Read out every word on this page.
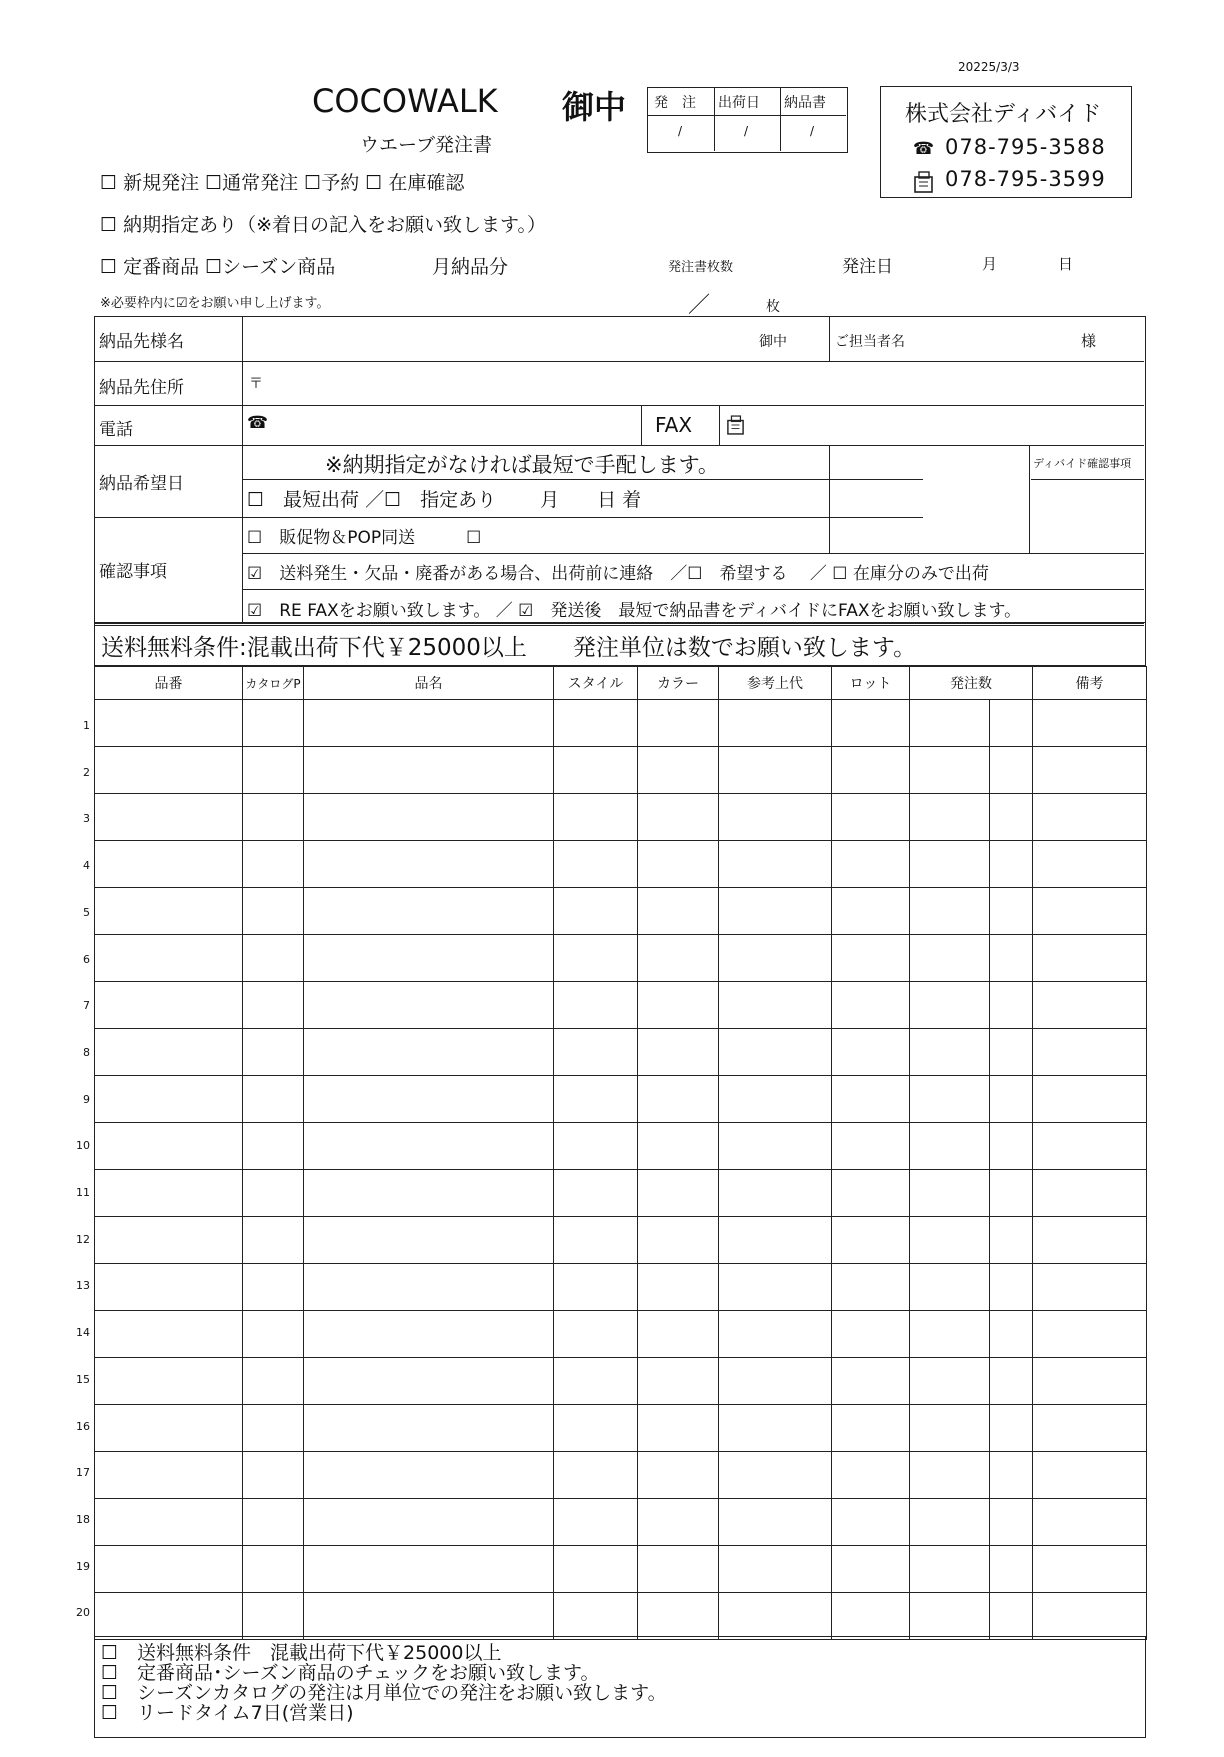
20225/3/3
COCOWALK 御中
ウエーブ発注書
発　注 出荷日 納品書
/	/	/
株式会社ディバイド
☎ 078-795-3588
078-795-3599
☐ 新規発注 ☐通常発注 ☐予約 ☐ 在庫確認
☐ 納期指定あり（※着日の記入をお願い致します。）
☐ 定番商品 ☐シーズン商品	月納品分	発注書枚数	発注日	月	日
／	枚
※必要枠内に☑をお願い申し上げます。
納品先様名	御中	ご担当者名	様
納品先住所	〒
電話	☎	FAX
納品希望日
※納期指定がなければ最短で手配します。
☐　最短出荷 ／☐　指定あり　　 月　　日 着
ディバイド確認事項
確認事項
☐　販促物＆POP同送　　　☐
☑　送料発生・欠品・廃番がある場合、出荷前に連絡　／☐　希望する　 ／ ☐ 在庫分のみで出荷
☑　RE FAXをお願い致します。 ／ ☑　発送後　最短で納品書をディバイドにFAXをお願い致します。
送料無料条件:混載出荷下代￥25000以上　　発注単位は数でお願い致します。
品番	カタログP	品名	スタイル	カラー	参考上代	ロット	発注数		備考

1
2
3
4
5
6
7
8
9
10
11
12
13
14
15
16
17
18
19
20
☐　送料無料条件　混載出荷下代￥25000以上
☐　定番商品･シーズン商品のチェックをお願い致します。
☐　シーズンカタログの発注は月単位での発注をお願い致します。
☐　リードタイム7日(営業日)
